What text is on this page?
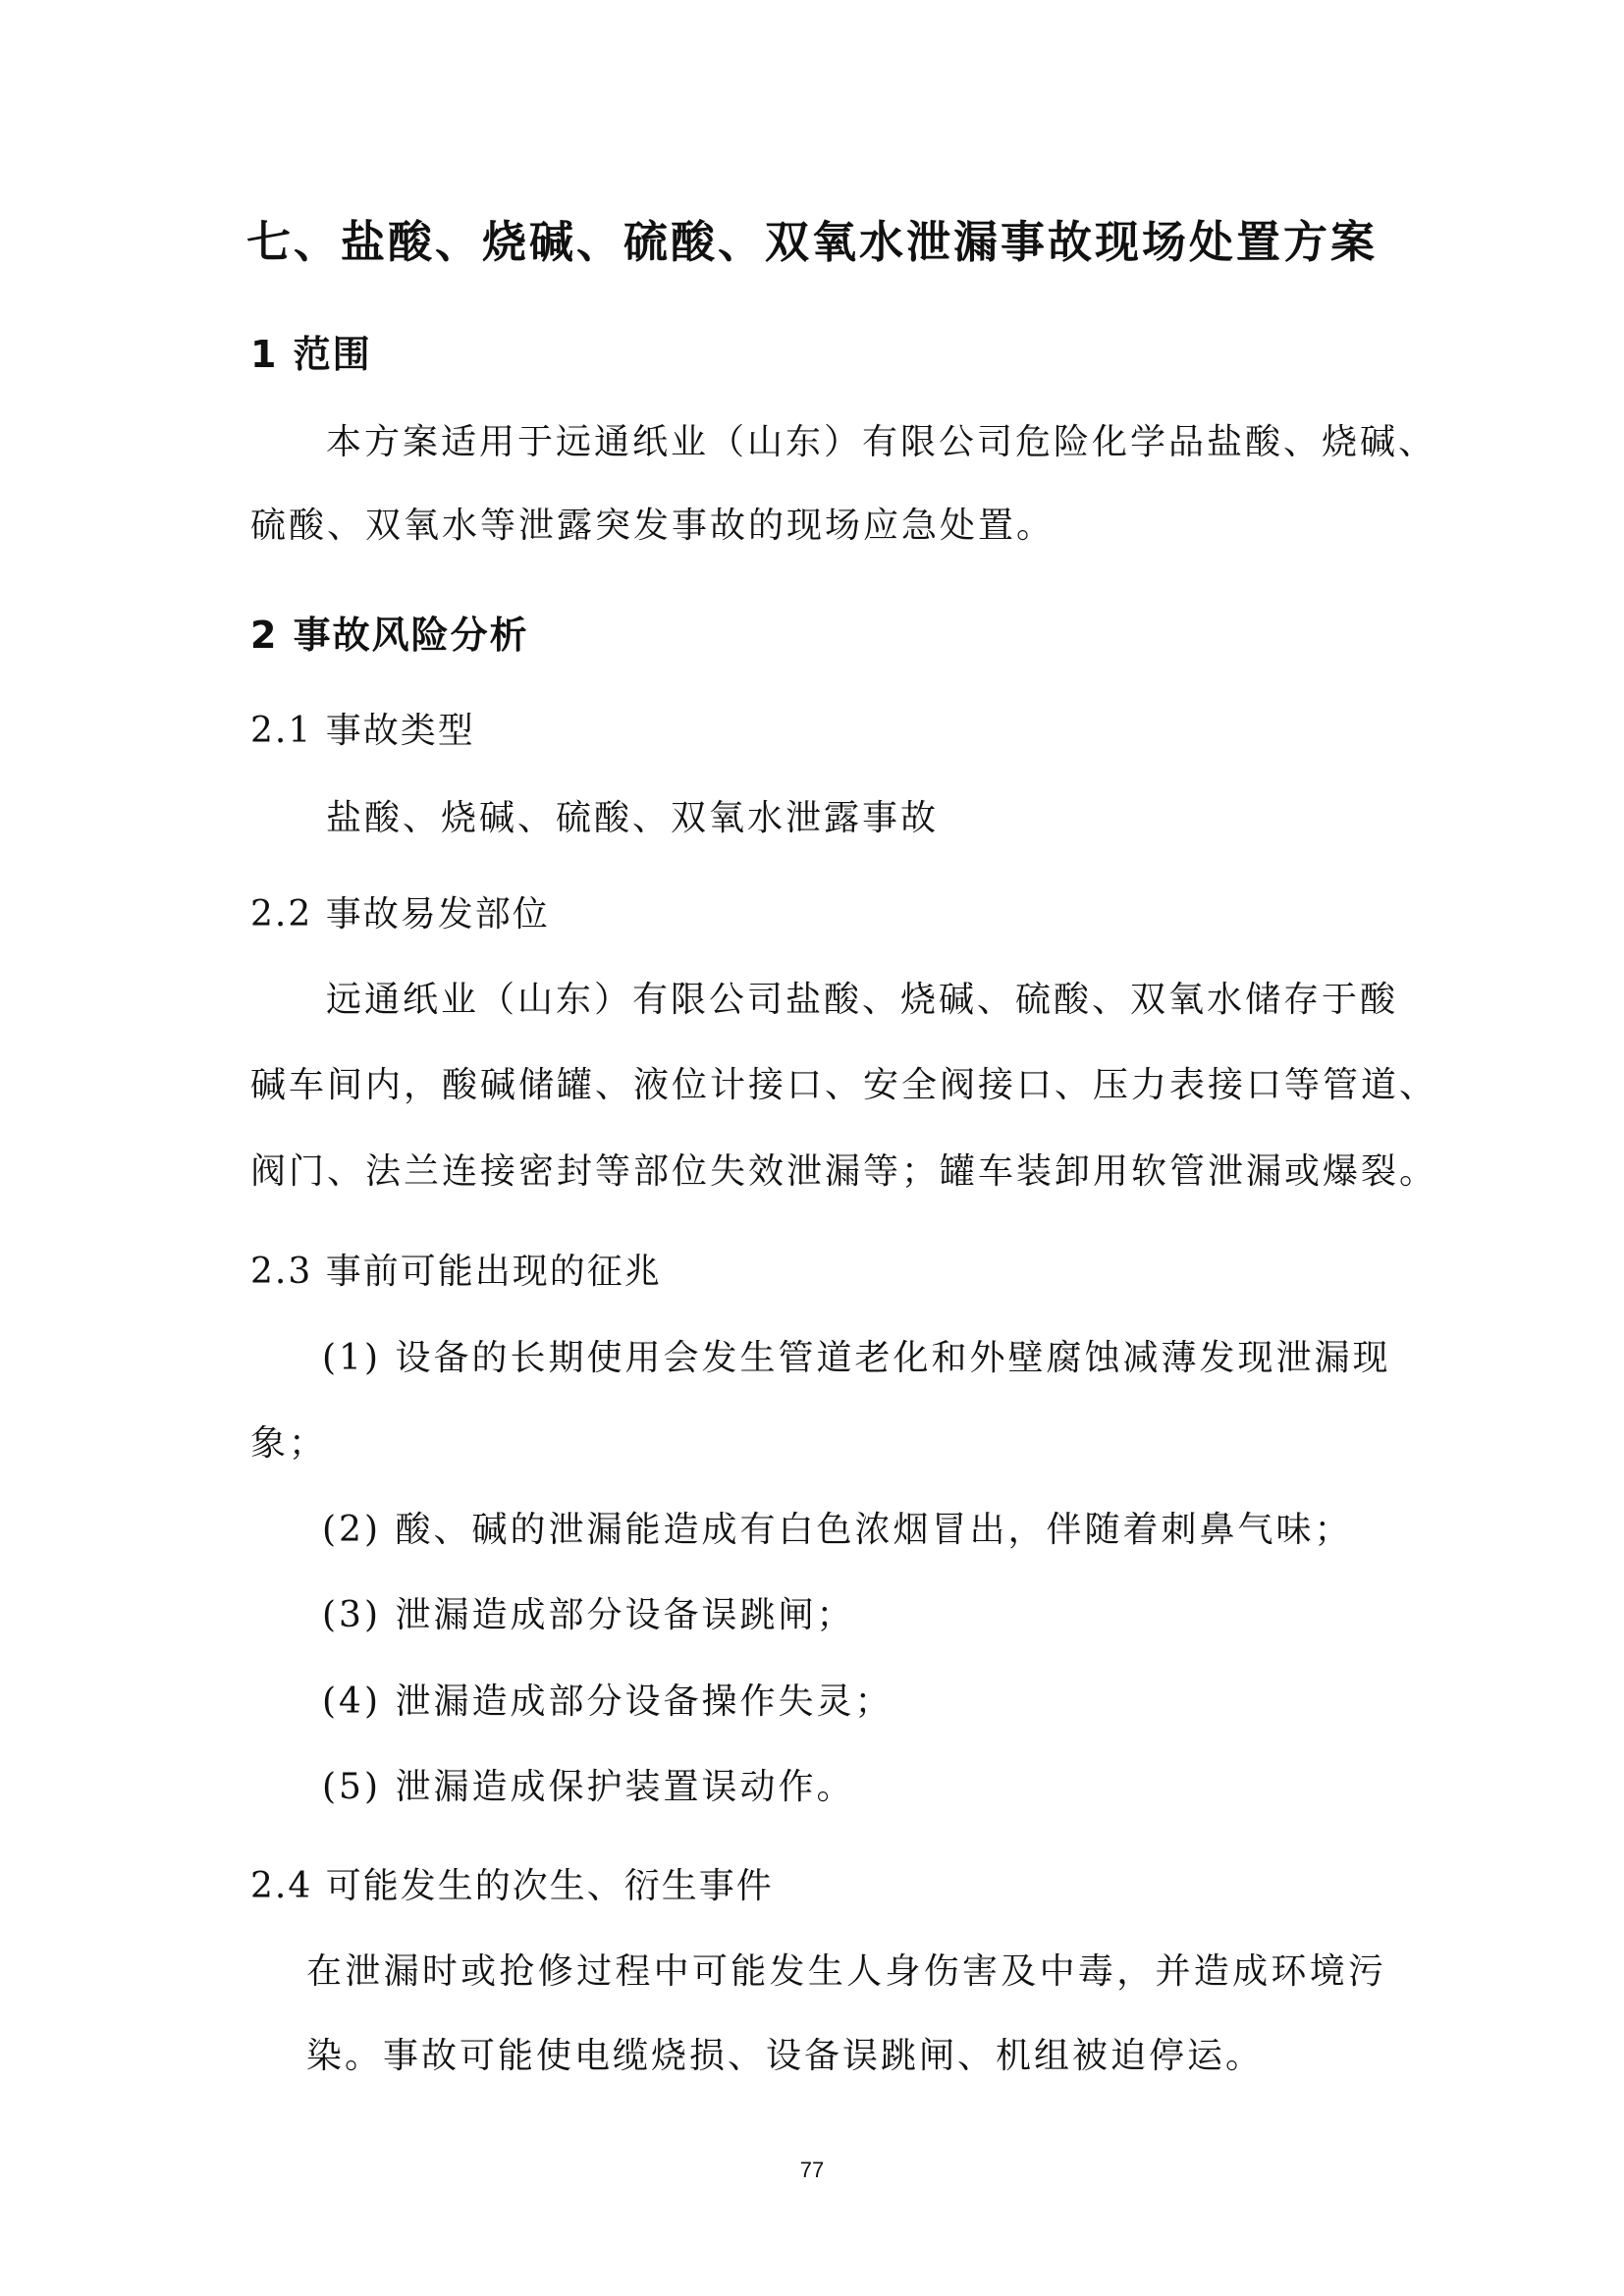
七、盐酸、烧碱、硫酸、双氧水泄漏事故现场处置方案
1 范围
本方案适用于远通纸业（山东）有限公司危险化学品盐酸、烧碱、
硫酸、双氧水等泄露突发事故的现场应急处置。
2 事故风险分析
2.1 事故类型
盐酸、烧碱、硫酸、双氧水泄露事故
2.2 事故易发部位
远通纸业（山东）有限公司盐酸、烧碱、硫酸、双氧水储存于酸
碱车间内，酸碱储罐、液位计接口、安全阀接口、压力表接口等管道、
阀门、法兰连接密封等部位失效泄漏等；罐车装卸用软管泄漏或爆裂。
2.3 事前可能出现的征兆
(1) 设备的长期使用会发生管道老化和外壁腐蚀减薄发现泄漏现
象；
(2) 酸、碱的泄漏能造成有白色浓烟冒出，伴随着刺鼻气味；
(3) 泄漏造成部分设备误跳闸；
(4) 泄漏造成部分设备操作失灵；
(5) 泄漏造成保护装置误动作。
2.4 可能发生的次生、衍生事件
在泄漏时或抢修过程中可能发生人身伤害及中毒，并造成环境污
染。事故可能使电缆烧损、设备误跳闸、机组被迫停运。
77
